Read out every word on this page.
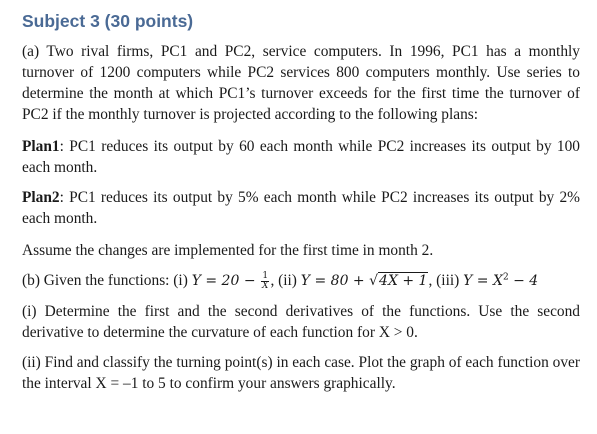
Subject 3 (30 points)

(a) Two rival firms, PC1 and PC2, service computers. In 1996, PC1 has a monthly turnover of 1200 computers while PC2 services 800 computers monthly. Use series to determine the month at which PC1’s turnover exceeds for the first time the turnover of PC2 if the monthly turnover is projected according to the following plans:

Plan1: PC1 reduces its output by 60 each month while PC2 increases its output by 100 each month.

Plan2: PC1 reduces its output by 5% each month while PC2 increases its output by 2% each month.

Assume the changes are implemented for the first time in month 2.

(b) Given the functions: (i) $Y = 20 - \frac{1}{X}$ , (ii) Y = 80 + √4X + 1, (iii) $Y = X^2 - 4$

(i) Determine the first and the second derivatives of the functions. Use the second derivative to determine the curvature of each function for X > 0.

(ii) Find and classify the turning point(s) in each case. Plot the graph of each function over the interval X = –1 to 5 to confirm your answers graphically.
